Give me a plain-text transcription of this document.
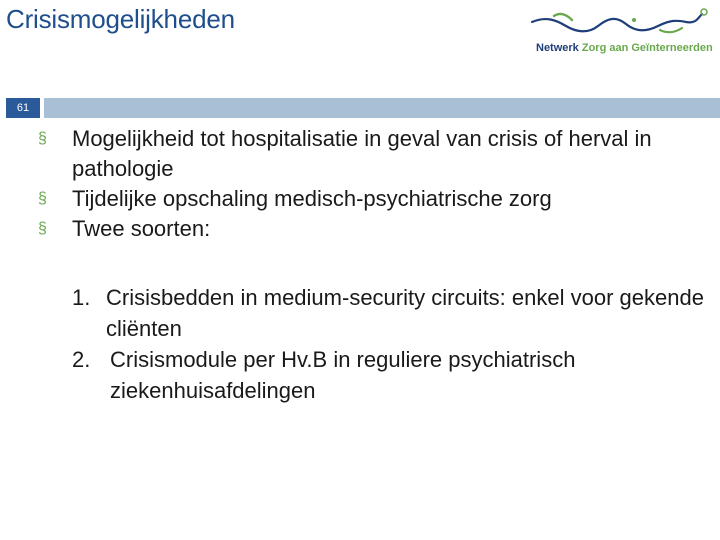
Crisismogelijkheden
Netwerk Zorg aan Geïnterneerden
61
§ Mogelijkheid tot hospitalisatie in geval van crisis of herval in pathologie
§ Tijdelijke opschaling medisch-psychiatrische zorg
§ Twee soorten:
1. Crisisbedden in medium-security circuits: enkel voor gekende cliënten
2. Crisismodule per Hv.B in reguliere psychiatrisch ziekenhuisafdelingen
